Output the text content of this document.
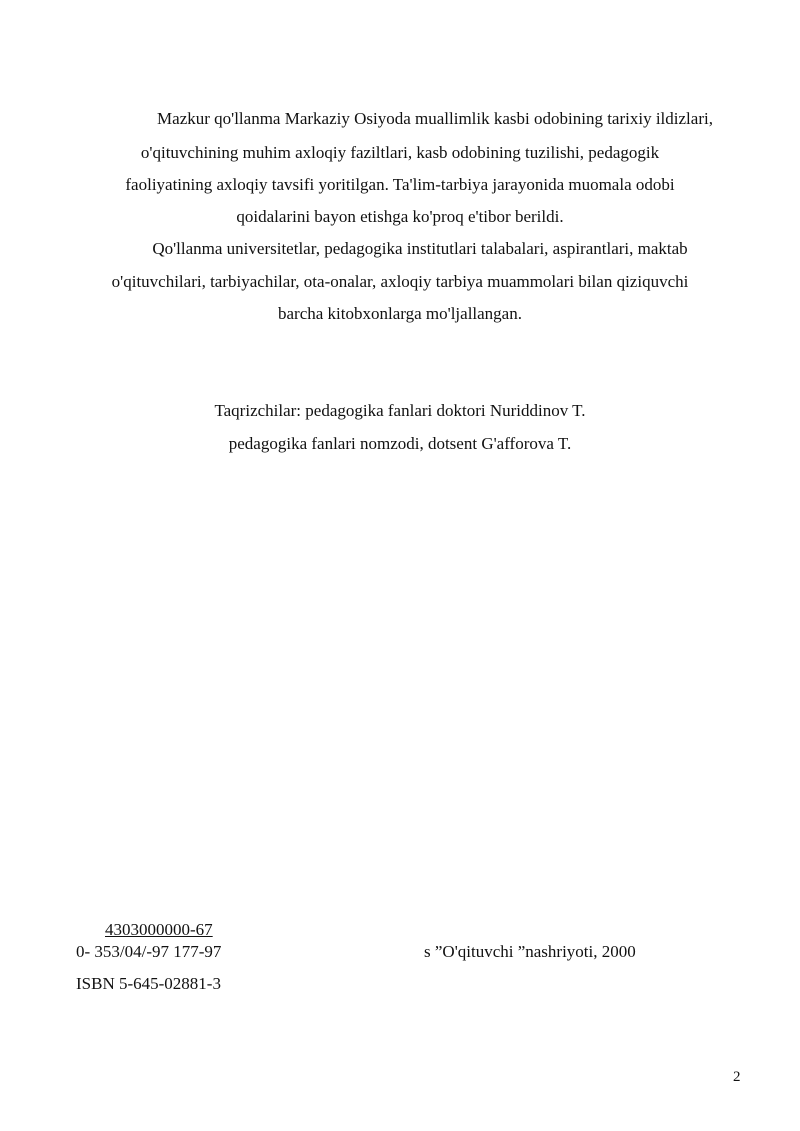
Mazkur qo'llanma Markaziy Osiyoda muallimlik kasbi odobining tarixiy ildizlari,
o'qituvchining muhim axloqiy faziltlari, kasb odobining tuzilishi, pedagogik
faoliyatining axloqiy tavsifi yoritilgan. Ta'lim-tarbiya jarayonida muomala odobi
qoidalarini bayon etishga ko'proq e'tibor berildi.
Qo'llanma universitetlar, pedagogika institutlari talabalari, aspirantlari, maktab
o'qituvchilari, tarbiyachilar, ota-onalar, axloqiy tarbiya muammolari bilan qiziquvchi
barcha kitobxonlarga mo'ljallangan.
Taqrizchilar: pedagogika fanlari doktori Nuriddinov T.
pedagogika fanlari nomzodi, dotsent G'afforova T.
4303000000-67
0- 353/04/-97 177-97	s ”O'qituvchi ”nashriyoti, 2000
ISBN 5-645-02881-3
2
